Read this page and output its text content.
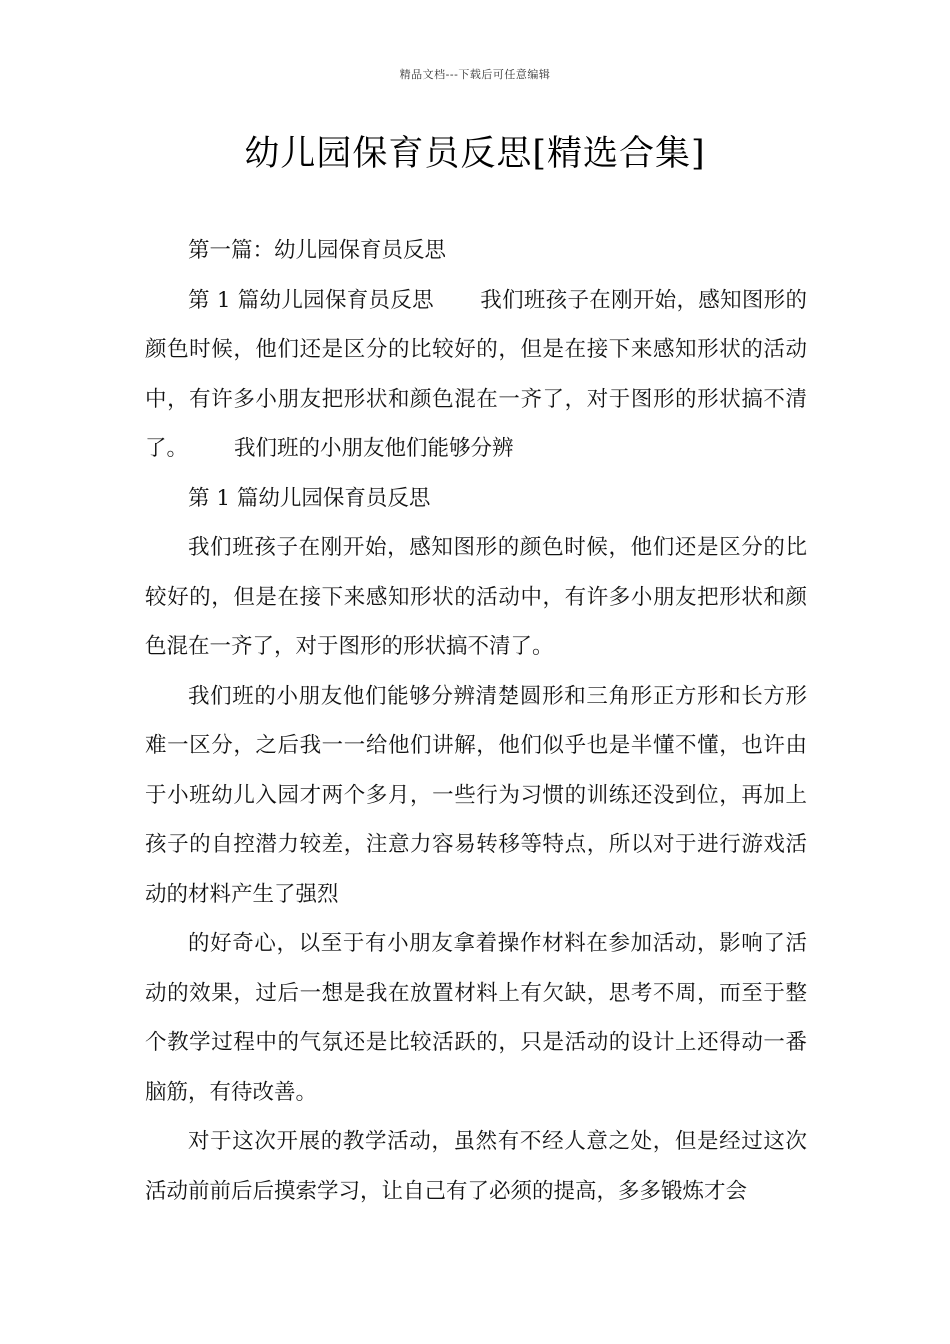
精品文档---下载后可任意编辑
幼儿园保育员反思[精选合集]

第一篇：幼儿园保育员反思

第 1 篇幼儿园保育员反思 我们班孩子在刚开始，感知图形的颜色时候，他们还是区分的比较好的，但是在接下来感知形状的活动中，有许多小朋友把形状和颜色混在一齐了，对于图形的形状搞不清了。 我们班的小朋友他们能够分辨

第 1 篇幼儿园保育员反思

我们班孩子在刚开始，感知图形的颜色时候，他们还是区分的比较好的，但是在接下来感知形状的活动中，有许多小朋友把形状和颜色混在一齐了，对于图形的形状搞不清了。

我们班的小朋友他们能够分辨清楚圆形和三角形正方形和长方形难一区分，之后我一一给他们讲解，他们似乎也是半懂不懂，也许由于小班幼儿入园才两个多月，一些行为习惯的训练还没到位，再加上孩子的自控潜力较差，注意力容易转移等特点，所以对于进行游戏活动的材料产生了强烈

的好奇心，以至于有小朋友拿着操作材料在参加活动，影响了活动的效果，过后一想是我在放置材料上有欠缺，思考不周，而至于整个教学过程中的气氛还是比较活跃的，只是活动的设计上还得动一番脑筋，有待改善。

对于这次开展的教学活动，虽然有不经人意之处，但是经过这次活动前前后后摸索学习，让自己有了必须的提高，多多锻炼才会
